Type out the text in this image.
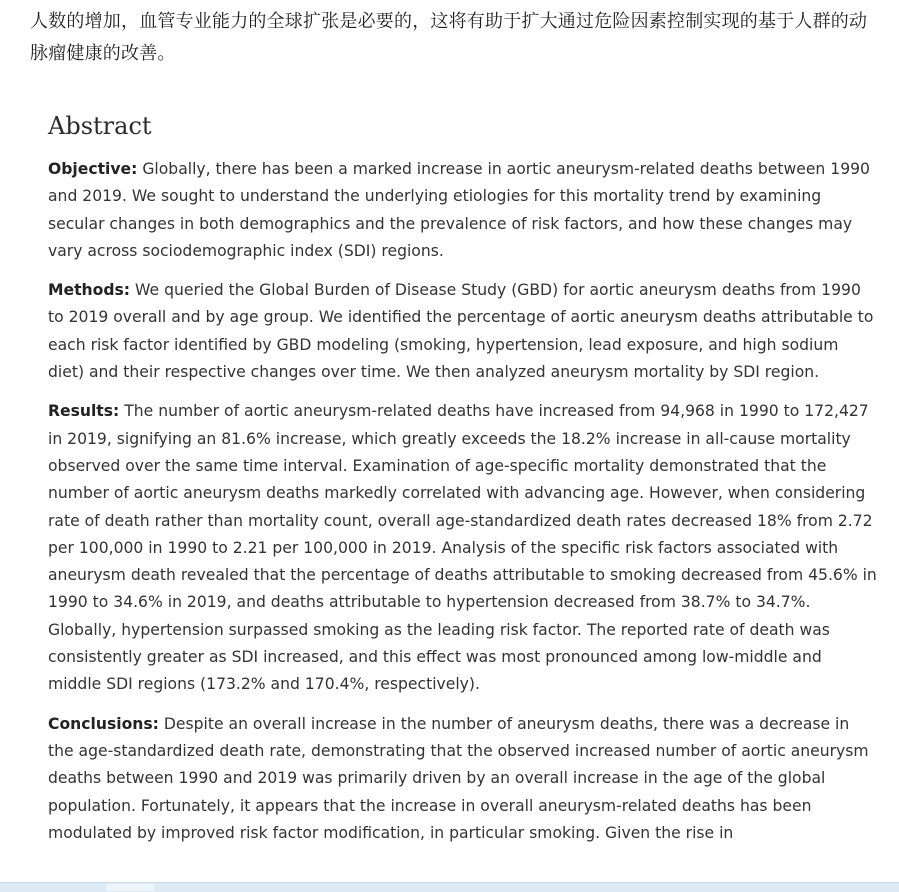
人数的增加，血管专业能力的全球扩张是必要的，这将有助于扩大通过危险因素控制实现的基于人群的动脉瘤健康的改善。
Abstract

Objective: Globally, there has been a marked increase in aortic aneurysm-related deaths between 1990 and 2019. We sought to understand the underlying etiologies for this mortality trend by examining secular changes in both demographics and the prevalence of risk factors, and how these changes may vary across sociodemographic index (SDI) regions.

Methods: We queried the Global Burden of Disease Study (GBD) for aortic aneurysm deaths from 1990 to 2019 overall and by age group. We identified the percentage of aortic aneurysm deaths attributable to each risk factor identified by GBD modeling (smoking, hypertension, lead exposure, and high sodium diet) and their respective changes over time. We then analyzed aneurysm mortality by SDI region.

Results: The number of aortic aneurysm-related deaths have increased from 94,968 in 1990 to 172,427 in 2019, signifying an 81.6% increase, which greatly exceeds the 18.2% increase in all-cause mortality observed over the same time interval. Examination of age-specific mortality demonstrated that the number of aortic aneurysm deaths markedly correlated with advancing age. However, when considering rate of death rather than mortality count, overall age-standardized death rates decreased 18% from 2.72 per 100,000 in 1990 to 2.21 per 100,000 in 2019. Analysis of the specific risk factors associated with aneurysm death revealed that the percentage of deaths attributable to smoking decreased from 45.6% in 1990 to 34.6% in 2019, and deaths attributable to hypertension decreased from 38.7% to 34.7%. Globally, hypertension surpassed smoking as the leading risk factor. The reported rate of death was consistently greater as SDI increased, and this effect was most pronounced among low-middle and middle SDI regions (173.2% and 170.4%, respectively).

Conclusions: Despite an overall increase in the number of aneurysm deaths, there was a decrease in the age-standardized death rate, demonstrating that the observed increased number of aortic aneurysm deaths between 1990 and 2019 was primarily driven by an overall increase in the age of the global population. Fortunately, it appears that the increase in overall aneurysm-related deaths has been modulated by improved risk factor modification, in particular smoking. Given the rise in
